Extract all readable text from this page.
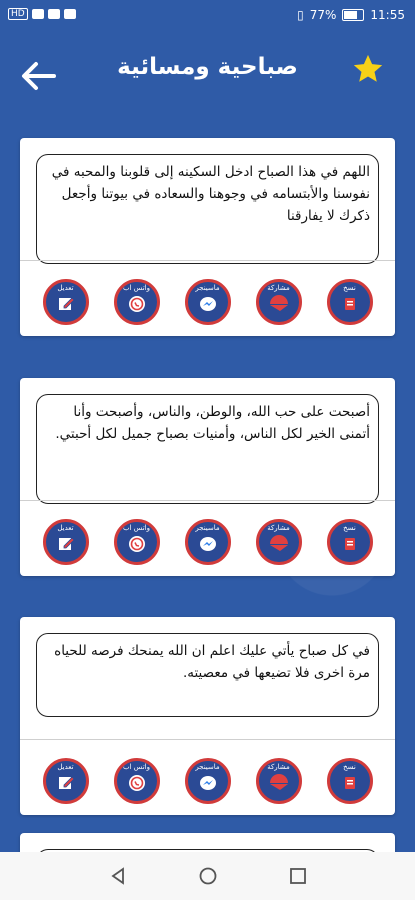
HD	▯ 77%	11:55
صباحية ومسائية
اللهم في هذا الصباح ادخل السكينه إلى قلوبنا والمحبه في نفوسنا والأبتسامه في وجوهنا والسعاده في بيوتنا وأجعل ذكرك لا يفارقنا
تعديل	واتس اب	ماسينجر	مشاركة	نسخ
أصبحت على حب الله، والوطن، والناس، وأصبحت وأنا أتمنى الخير لكل الناس، وأمنيات بصباح جميل لكل أحبتي.
تعديل	واتس اب	ماسينجر	مشاركة	نسخ
في كل صباح يأتي عليك اعلم ان الله يمنحك فرصه للحياه مرة اخرى فلا تضيعها في معصيته.
تعديل	واتس اب	ماسينجر	مشاركة	نسخ
